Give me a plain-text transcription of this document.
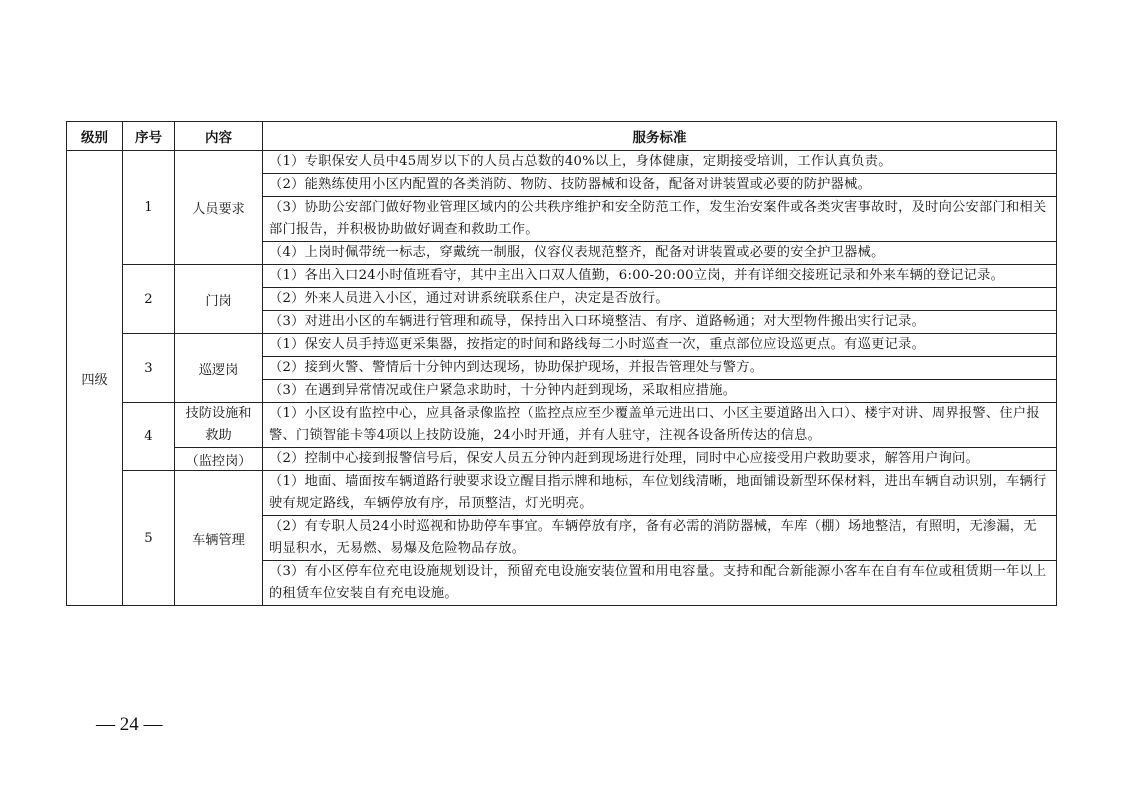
级别	序号	内容	服务标准
四级	1	人员要求	（1）专职保安人员中45周岁以下的人员占总数的40%以上，身体健康，定期接受培训，工作认真负责。
			（2）能熟练使用小区内配置的各类消防、物防、技防器械和设备，配备对讲装置或必要的防护器械。
			（3）协助公安部门做好物业管理区域内的公共秩序维护和安全防范工作，发生治安案件或各类灾害事故时，及时向公安部门和相关部门报告，并积极协助做好调查和救助工作。
			（4）上岗时佩带统一标志，穿戴统一制服，仪容仪表规范整齐，配备对讲装置或必要的安全护卫器械。
	2	门岗	（1）各出入口24小时值班看守，其中主出入口双人值勤，6:00-20:00立岗，并有详细交接班记录和外来车辆的登记记录。
			（2）外来人员进入小区，通过对讲系统联系住户，决定是否放行。
			（3）对进出小区的车辆进行管理和疏导，保持出入口环境整洁、有序、道路畅通；对大型物件搬出实行记录。
	3	巡逻岗	（1）保安人员手持巡更采集器，按指定的时间和路线每二小时巡查一次，重点部位应设巡更点。有巡更记录。
			（2）接到火警、警情后十分钟内到达现场，协助保护现场，并报告管理处与警方。
			（3）在遇到异常情况或住户紧急求助时，十分钟内赶到现场，采取相应措施。
	4	技防设施和救助	（1）小区设有监控中心，应具备录像监控（监控点应至少覆盖单元进出口、小区主要道路出入口）、楼宇对讲、周界报警、住户报警、门锁智能卡等4项以上技防设施，24小时开通，并有人驻守，注视各设备所传达的信息。
		（监控岗）	（2）控制中心接到报警信号后，保安人员五分钟内赶到现场进行处理，同时中心应接受用户救助要求，解答用户询问。
	5	车辆管理	（1）地面、墙面按车辆道路行驶要求设立醒目指示牌和地标，车位划线清晰，地面铺设新型环保材料，进出车辆自动识别，车辆行驶有规定路线，车辆停放有序，吊顶整洁，灯光明亮。
			（2）有专职人员24小时巡视和协助停车事宜。车辆停放有序，备有必需的消防器械，车库（棚）场地整洁，有照明，无渗漏，无明显积水，无易燃、易爆及危险物品存放。
			（3）有小区停车位充电设施规划设计，预留充电设施安装位置和用电容量。支持和配合新能源小客车在自有车位或租赁期一年以上的租赁车位安装自有充电设施。
— 24 —
